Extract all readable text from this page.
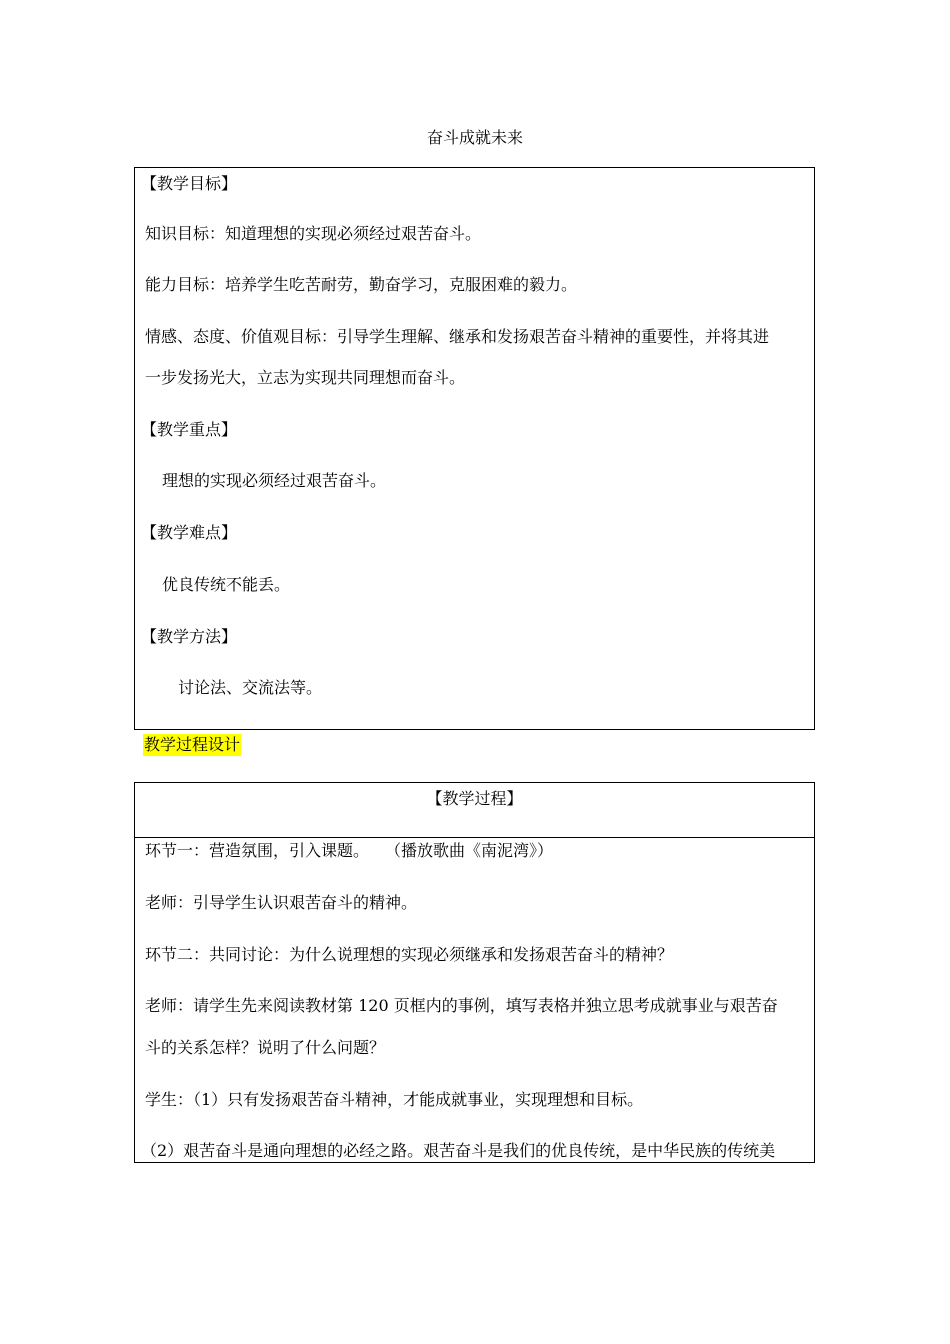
奋斗成就未来
【教学目标】
知识目标：知道理想的实现必须经过艰苦奋斗。
能力目标：培养学生吃苦耐劳，勤奋学习，克服困难的毅力。
情感、态度、价值观目标：引导学生理解、继承和发扬艰苦奋斗精神的重要性，并将其进
一步发扬光大，立志为实现共同理想而奋斗。
【教学重点】
理想的实现必须经过艰苦奋斗。
【教学难点】
优良传统不能丢。
【教学方法】
讨论法、交流法等。
教学过程设计
【教学过程】
环节一：营造氛围，引入课题。　　（播放歌曲《南泥湾》）
老师：引导学生认识艰苦奋斗的精神。
环节二：共同讨论：为什么说理想的实现必须继承和发扬艰苦奋斗的精神？
老师：请学生先来阅读教材第 120 页框内的事例，填写表格并独立思考成就事业与艰苦奋
斗的关系怎样？说明了什么问题？
学生：（1）只有发扬艰苦奋斗精神，才能成就事业，实现理想和目标。
（2）艰苦奋斗是通向理想的必经之路。艰苦奋斗是我们的优良传统，是中华民族的传统美
